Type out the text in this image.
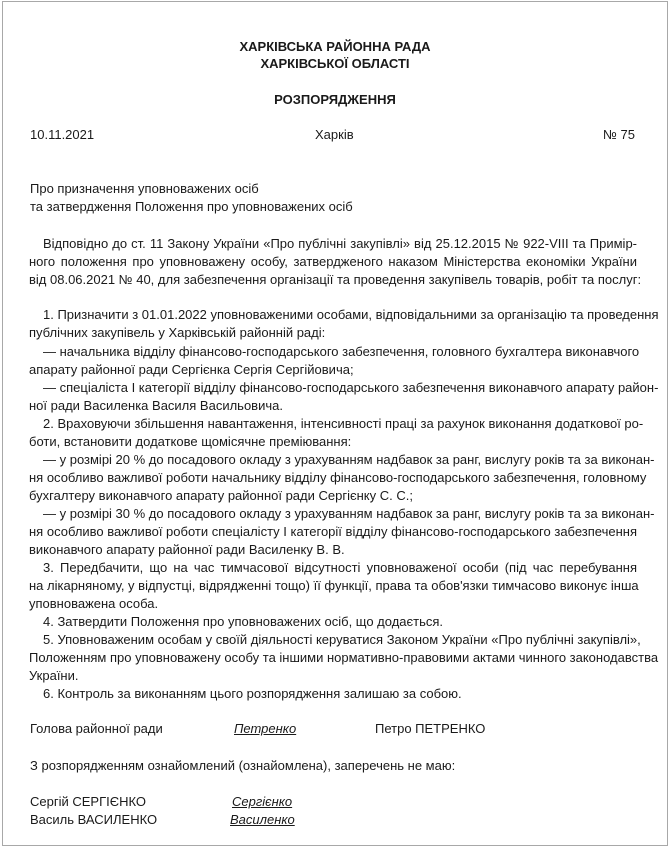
ХАРКІВСЬКА РАЙОННА РАДА
ХАРКІВСЬКОЇ ОБЛАСТІ
РОЗПОРЯДЖЕННЯ
10.11.2021	Харків	№ 75
Про призначення уповноважених осіб
та затвердження Положення про уповноважених осіб
Відповідно до ст. 11 Закону України «Про публічні закупівлі» від 25.12.2015 № 922-VIII та Примір-
ного положення про уповноважену особу, затвердженого наказом Міністерства економіки України
від 08.06.2021 № 40, для забезпечення організації та проведення закупівель товарів, робіт та послуг:
1. Призначити з 01.01.2022 уповноваженими особами, відповідальними за організацію та проведення
публічних закупівель у Харківській районній раді:
— начальника відділу фінансово-господарського забезпечення, головного бухгалтера виконавчого
апарату районної ради Сергієнка Сергія Сергійовича;
— спеціаліста І категорії відділу фінансово-господарського забезпечення виконавчого апарату район-
ної ради Василенка Василя Васильовича.
2. Враховуючи збільшення навантаження, інтенсивності праці за рахунок виконання додаткової ро-
боти, встановити додаткове щомісячне преміювання:
— у розмірі 20 % до посадового окладу з урахуванням надбавок за ранг, вислугу років та за виконан-
ня особливо важливої роботи начальнику відділу фінансово-господарського забезпечення, головному
бухгалтеру виконавчого апарату районної ради Сергієнку С. С.;
— у розмірі 30 % до посадового окладу з урахуванням надбавок за ранг, вислугу років та за виконан-
ня особливо важливої роботи спеціалісту І категорії відділу фінансово-господарського забезпечення
виконавчого апарату районної ради Василенку В. В.
3. Передбачити, що на час тимчасової відсутності уповноваженої особи (під час перебування
на лікарняному, у відпустці, відрядженні тощо) її функції, права та обов'язки тимчасово виконує інша
уповноважена особа.
4. Затвердити Положення про уповноважених осіб, що додається.
5. Уповноваженим особам у своїй діяльності керуватися Законом України «Про публічні закупівлі»,
Положенням про уповноважену особу та іншими нормативно-правовими актами чинного законодавства
України.
6. Контроль за виконанням цього розпорядження залишаю за собою.
Голова районної ради	Петренко	Петро ПЕТРЕНКО
З розпорядженням ознайомлений (ознайомлена), заперечень не маю:
Сергій СЕРГІЄНКО	Сергієнко
Василь ВАСИЛЕНКО	Василенко
